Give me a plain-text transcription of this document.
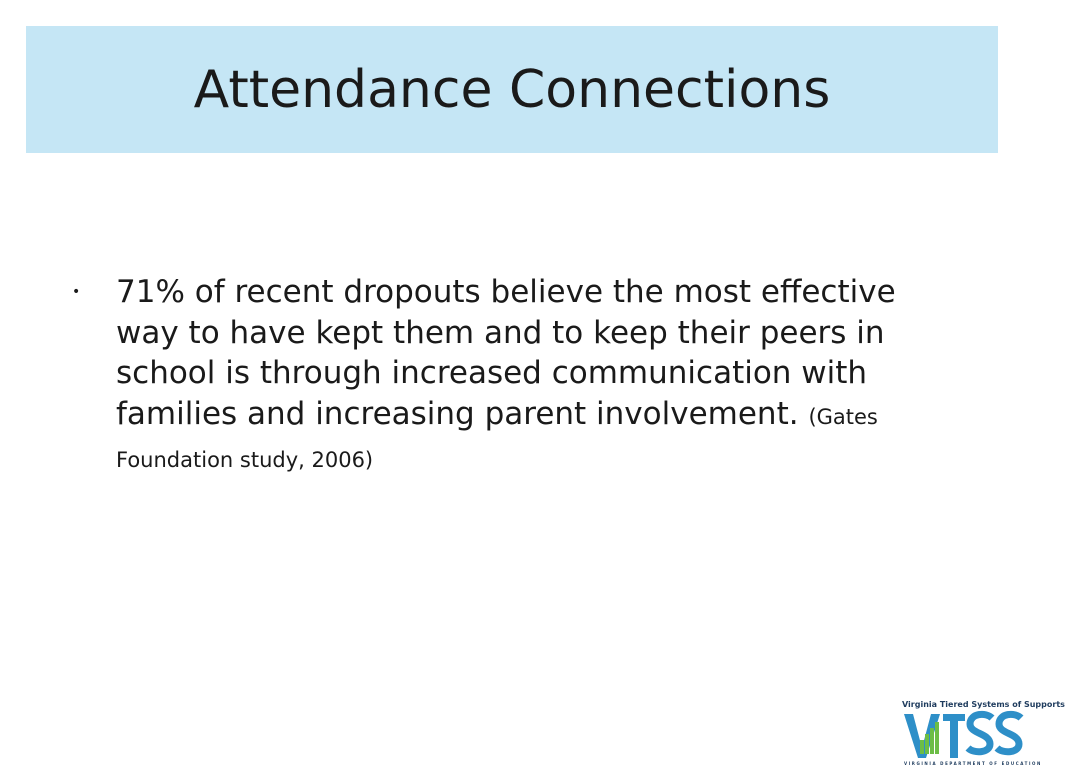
Attendance Connections
•	71% of recent dropouts believe the most effective way to have kept them and to keep their peers in school is through increased communication with families and increasing parent involvement. (Gates Foundation study, 2006)
Virginia Tiered Systems of Supports
VIRGINIA DEPARTMENT OF EDUCATION
